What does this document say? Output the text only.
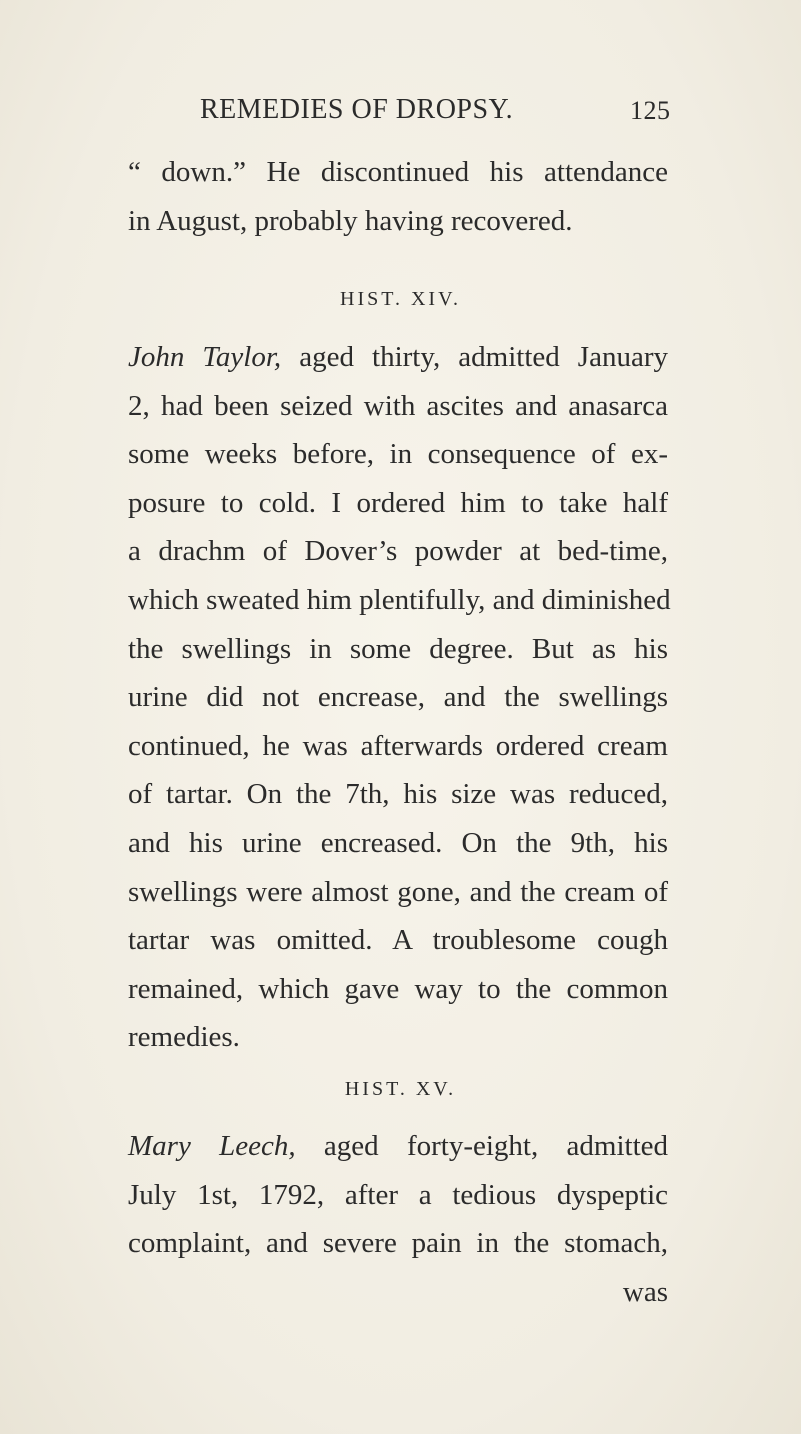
REMEDIES OF DROPSY.	125
“ down.” He discontinued his attendance
in August, probably having recovered.
HIST. XIV.
John Taylor, aged thirty, admitted January
2, had been seized with ascites and anasarca
some weeks before, in consequence of ex-
posure to cold. I ordered him to take half
a drachm of Dover’s powder at bed-time,
which sweated him plentifully, and diminished
the swellings in some degree. But as his
urine did not encrease, and the swellings
continued, he was afterwards ordered cream
of tartar. On the 7th, his size was reduced,
and his urine encreased. On the 9th, his
swellings were almost gone, and the cream of
tartar was omitted. A troublesome cough
remained, which gave way to the common
remedies.
HIST. XV.
Mary Leech, aged forty-eight, admitted
July 1st, 1792, after a tedious dyspeptic
complaint, and severe pain in the stomach,
was
